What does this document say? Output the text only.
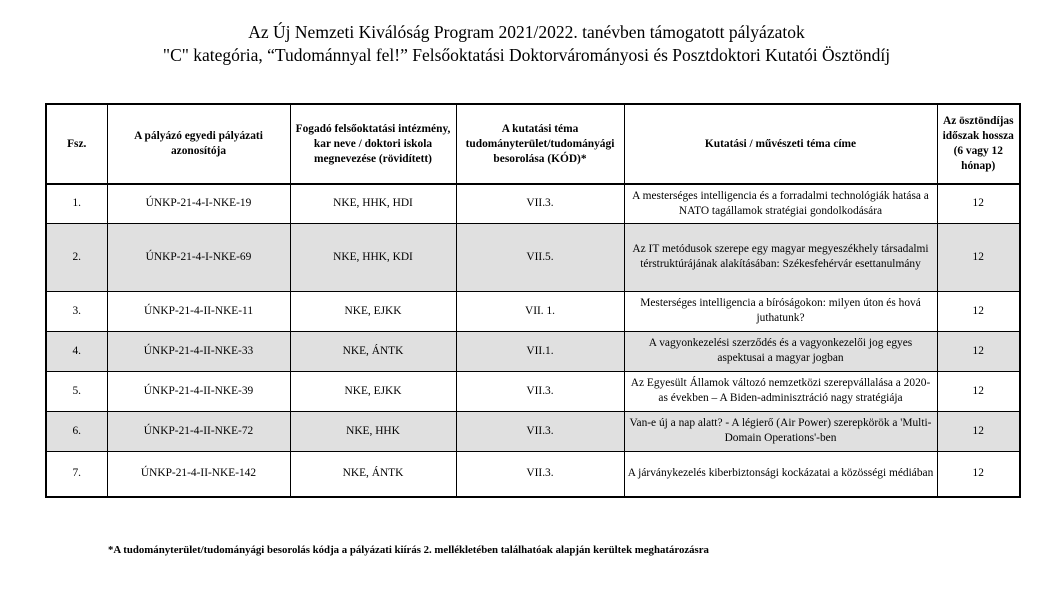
Az Új Nemzeti Kiválóság Program 2021/2022. tanévben támogatott pályázatok
"C" kategória, “Tudománnyal fel!” Felsőoktatási Doktorvárományosi és Posztdoktori Kutatói Ösztöndíj
Fsz.	A pályázó egyedi pályázati azonosítója	Fogadó felsőoktatási intézmény, kar neve / doktori iskola megnevezése (rövidített)	A kutatási téma tudományterület/tudományági besorolása (KÓD)*	Kutatási / művészeti téma címe	Az ösztöndíjas időszak hossza (6 vagy 12 hónap)
1.	ÚNKP-21-4-I-NKE-19	NKE, HHK, HDI	VII.3.	A mesterséges intelligencia és a forradalmi technológiák hatása a NATO tagállamok stratégiai gondolkodására	12
2.	ÚNKP-21-4-I-NKE-69	NKE, HHK, KDI	VII.5.	Az IT metódusok szerepe egy magyar megyeszékhely társadalmi térstruktúrájának alakításában: Székesfehérvár esettanulmány	12
3.	ÚNKP-21-4-II-NKE-11	NKE, EJKK	VII. 1.	Mesterséges intelligencia a bíróságokon: milyen úton és hová juthatunk?	12
4.	ÚNKP-21-4-II-NKE-33	NKE, ÁNTK	VII.1.	A vagyonkezelési szerződés és a vagyonkezelői jog egyes aspektusai a magyar jogban	12
5.	ÚNKP-21-4-II-NKE-39	NKE, EJKK	VII.3.	Az Egyesült Államok változó nemzetközi szerepvállalása a 2020-as években – A Biden-adminisztráció nagy stratégiája	12
6.	ÚNKP-21-4-II-NKE-72	NKE, HHK	VII.3.	Van-e új a nap alatt? - A légierő (Air Power) szerepkörök a 'Multi-Domain Operations'-ben	12
7.	ÚNKP-21-4-II-NKE-142	NKE, ÁNTK	VII.3.	A járványkezelés kiberbiztonsági kockázatai a közösségi médiában	12
*A tudományterület/tudományági besorolás kódja a pályázati kiírás 2. mellékletében találhatóak alapján kerültek meghatározásra
